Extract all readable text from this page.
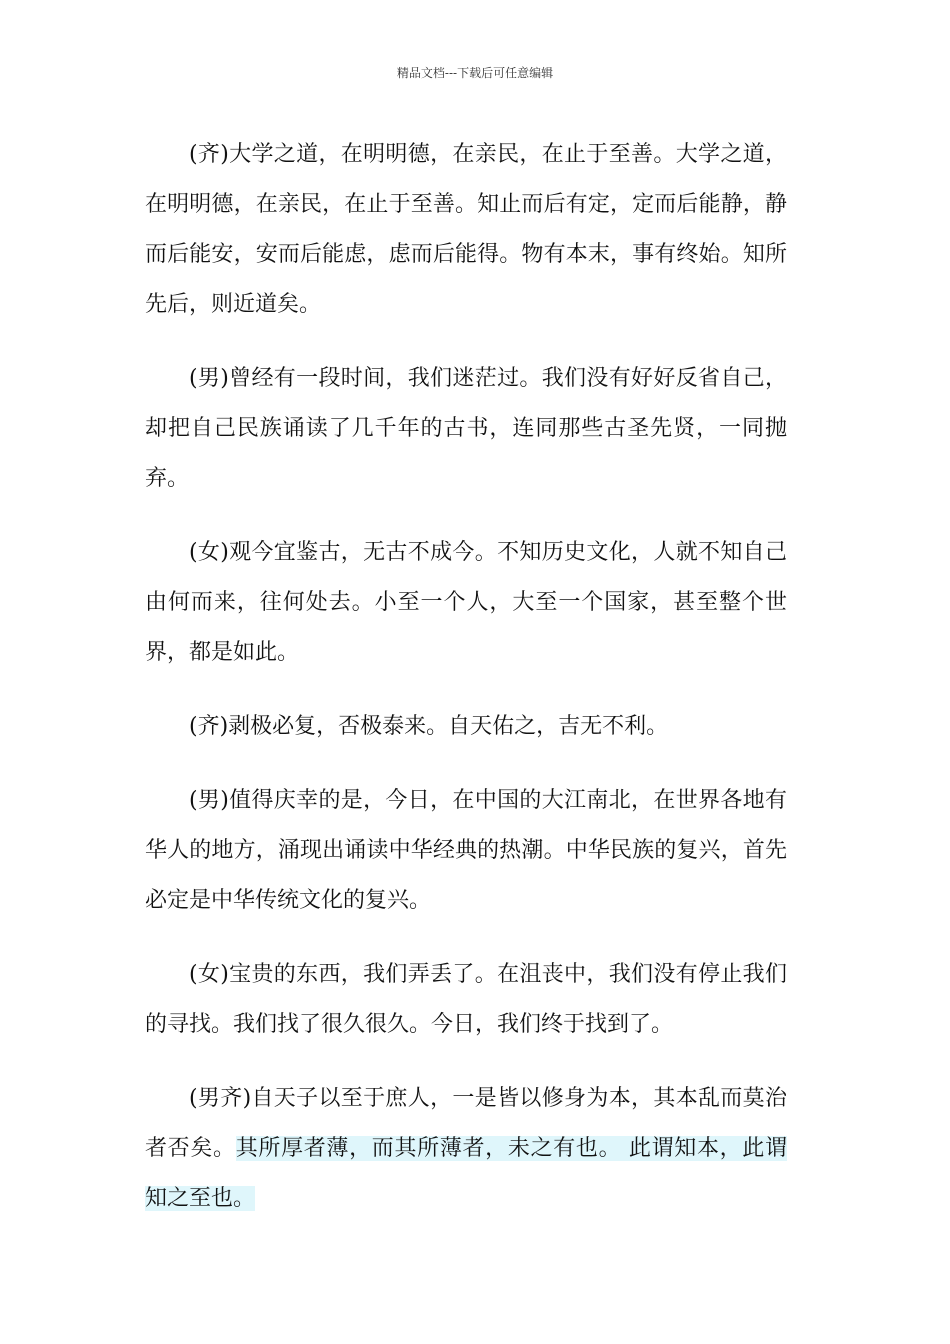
精品文档---下载后可任意编辑

(齐)大学之道，在明明德，在亲民，在止于至善。大学之道，在明明德，在亲民，在止于至善。知止而后有定，定而后能静，静而后能安，安而后能虑，虑而后能得。物有本末，事有终始。知所先后，则近道矣。

(男)曾经有一段时间，我们迷茫过。我们没有好好反省自己，却把自己民族诵读了几千年的古书，连同那些古圣先贤，一同抛弃。

(女)观今宜鉴古，无古不成今。不知历史文化，人就不知自己由何而来，往何处去。小至一个人，大至一个国家，甚至整个世界，都是如此。

(齐)剥极必复，否极泰来。自天佑之，吉无不利。

(男)值得庆幸的是，今日，在中国的大江南北，在世界各地有华人的地方，涌现出诵读中华经典的热潮。中华民族的复兴，首先必定是中华传统文化的复兴。

(女)宝贵的东西，我们弄丢了。在沮丧中，我们没有停止我们的寻找。我们找了很久很久。今日，我们终于找到了。

(男齐)自天子以至于庶人，一是皆以修身为本，其本乱而莫治者否矣。其所厚者薄，而其所薄者，未之有也。 此谓知本，此谓知之至也。
